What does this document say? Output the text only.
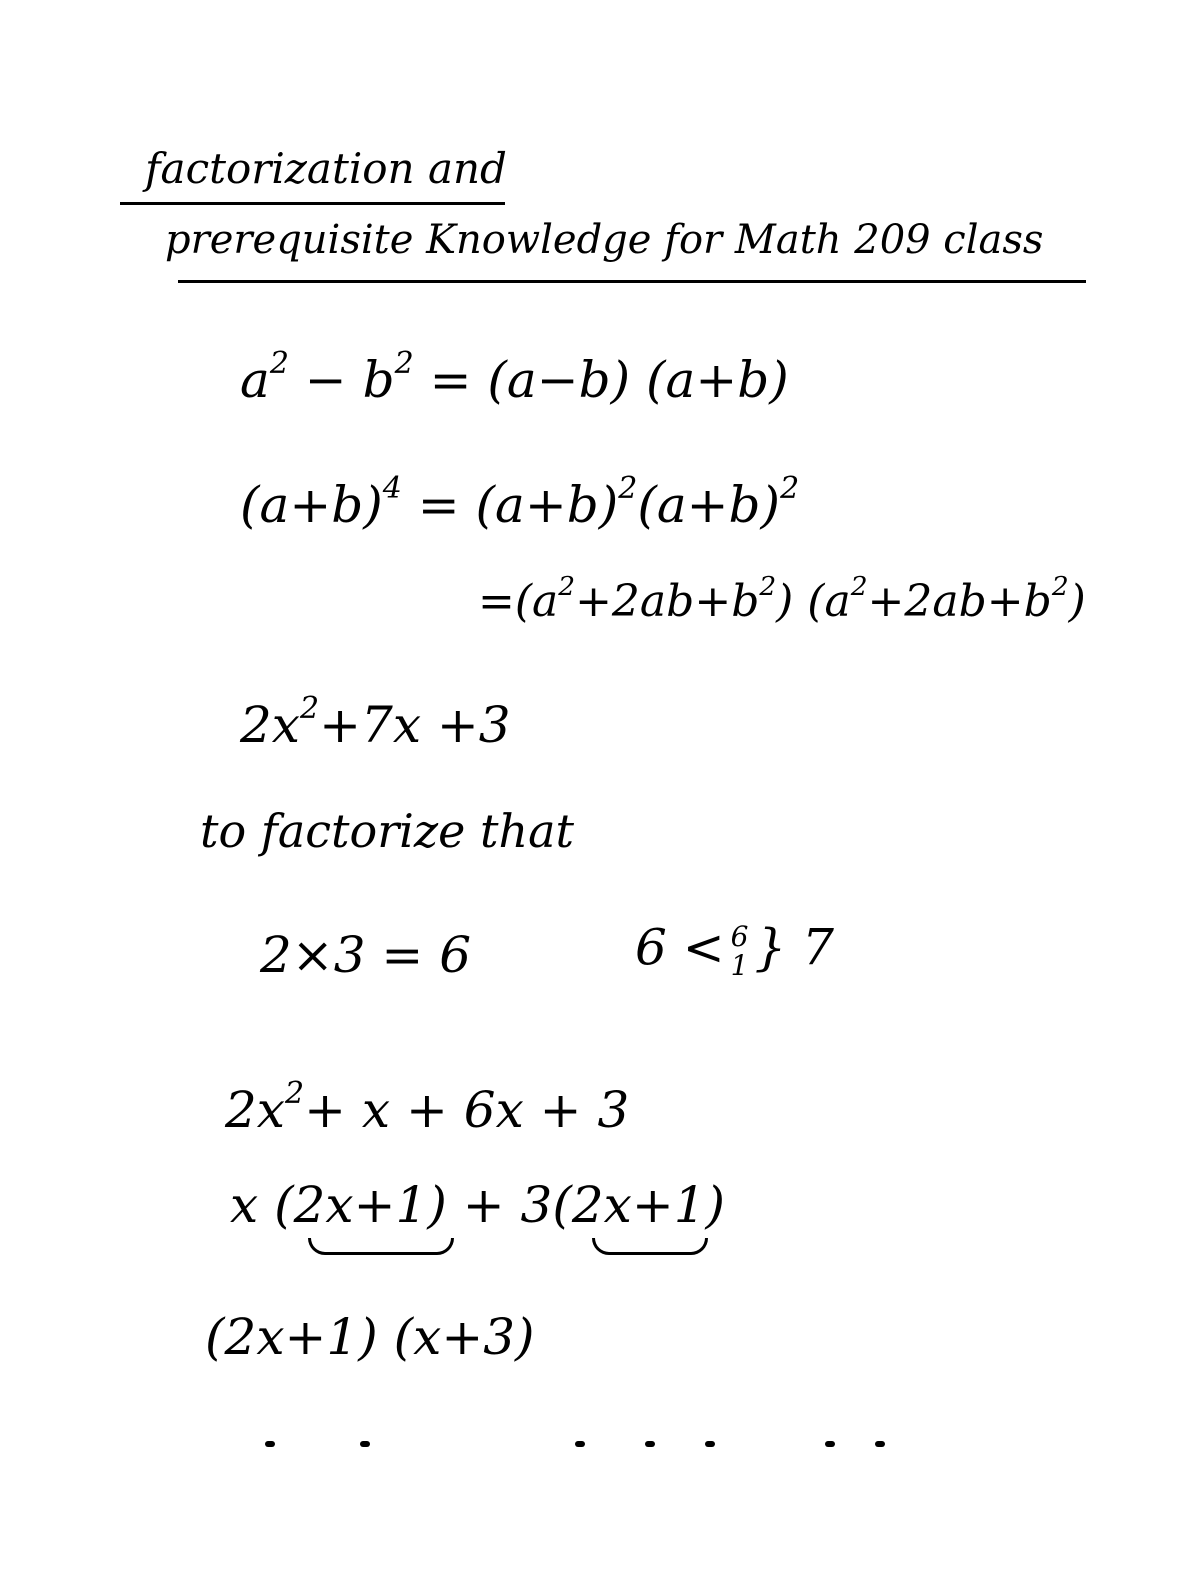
factorization and
prerequisite Knowledge for Math 209 class
$a^2 - b^2 = (a-b)$ (a+b)
$(a+b)^4 = (a+b)^2(a+b)^2$
$=(a^2+2ab+b^2)$ $(a^2+2ab+b^2)$
$2x^2+7x +3$
to factorize that
2×3 = 6	6 < 6
1 } 7
$2x^2+ x + 6x + 3$
x (2x+1) + 3(2x+1)
(2x+1) (x+3)
